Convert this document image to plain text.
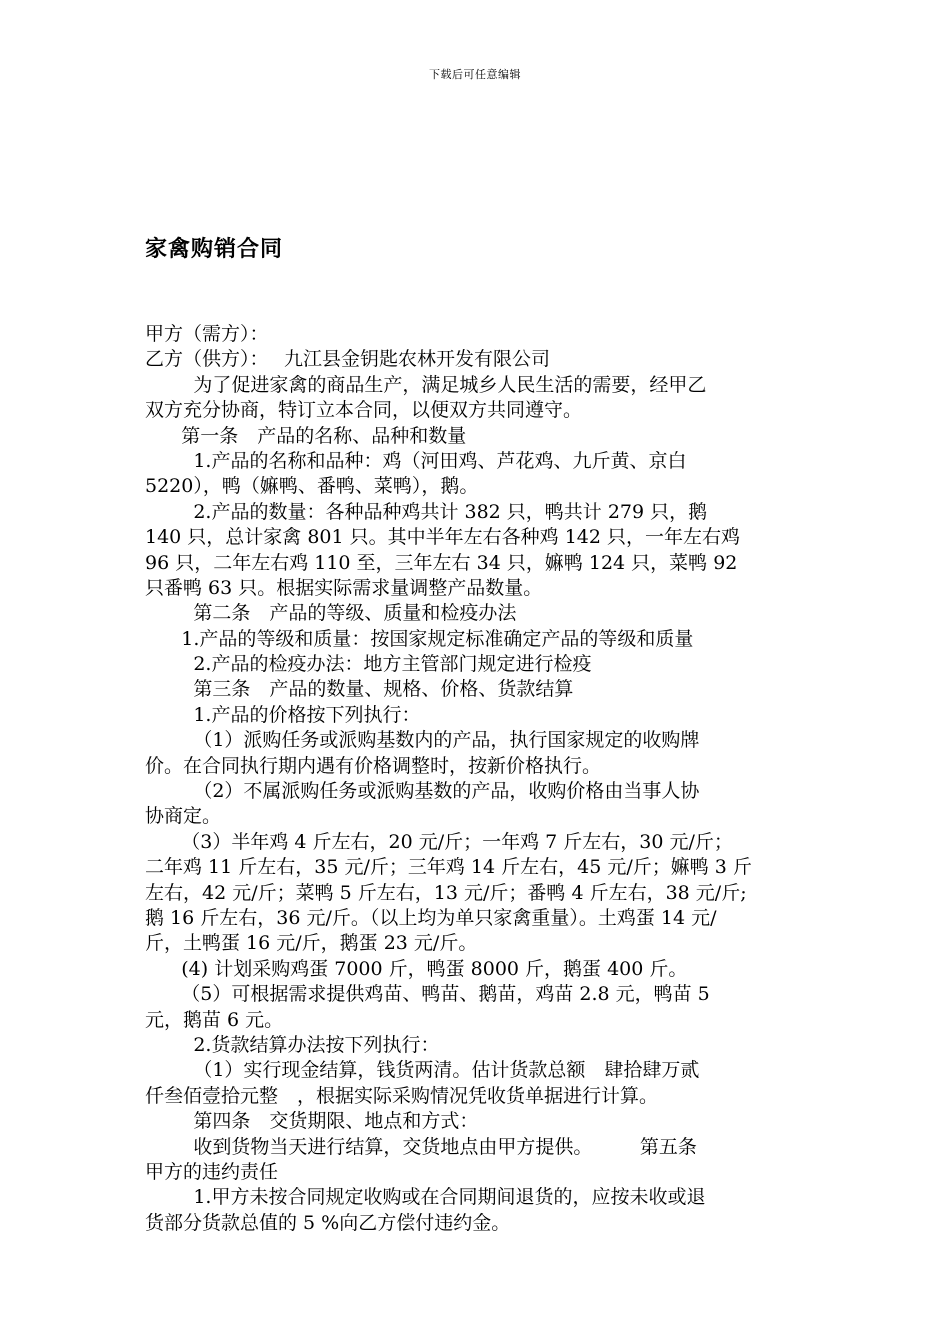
下载后可任意编辑
家禽购销合同
甲方（需方）：
乙方（供方）：　 九江县金钥匙农林开发有限公司
为了促进家禽的商品生产，满足城乡人民生活的需要，经甲乙
双方充分协商，特订立本合同，以便双方共同遵守。
第一条　产品的名称、品种和数量
1.产品的名称和品种：鸡（河田鸡、芦花鸡、九斤黄、京白
5220），鸭（嫲鸭、番鸭、菜鸭），鹅。
2.产品的数量：各种品种鸡共计 382 只，鸭共计 279 只，鹅
140 只，总计家禽 801 只。其中半年左右各种鸡 142 只，一年左右鸡
96 只，二年左右鸡 110 至，三年左右 34 只，嫲鸭 124 只，菜鸭 92
只番鸭 63 只。根据实际需求量调整产品数量。
第二条　产品的等级、质量和检疫办法
1.产品的等级和质量：按国家规定标准确定产品的等级和质量
2.产品的检疫办法：地方主管部门规定进行检疫
第三条　产品的数量、规格、价格、货款结算
1.产品的价格按下列执行：
（1）派购任务或派购基数内的产品，执行国家规定的收购牌
价。在合同执行期内遇有价格调整时，按新价格执行。
（2）不属派购任务或派购基数的产品，收购价格由当事人协
协商定。
（3）半年鸡 4 斤左右，20 元/斤；一年鸡 7 斤左右，30 元/斤；
二年鸡 11 斤左右，35 元/斤；三年鸡 14 斤左右，45 元/斤；嫲鸭 3 斤
左右，42 元/斤；菜鸭 5 斤左右，13 元/斤；番鸭 4 斤左右，38 元/斤;
鹅 16 斤左右，36 元/斤。（以上均为单只家禽重量）。土鸡蛋 14 元/
斤，土鸭蛋 16 元/斤，鹅蛋 23 元/斤。
(4) 计划采购鸡蛋 7000 斤，鸭蛋 8000 斤，鹅蛋 400 斤。
（5）可根据需求提供鸡苗、鸭苗、鹅苗，鸡苗 2.8 元，鸭苗 5
元，鹅苗 6 元。
2.货款结算办法按下列执行：
（1）实行现金结算，钱货两清。估计货款总额　肆拾肆万贰
仟叁佰壹拾元整　，根据实际采购情况凭收货单据进行计算。
第四条　交货期限、地点和方式：
收到货物当天进行结算，交货地点由甲方提供。　　　第五条
甲方的违约责任
1.甲方未按合同规定收购或在合同期间退货的，应按未收或退
货部分货款总值的 5 %向乙方偿付违约金。
